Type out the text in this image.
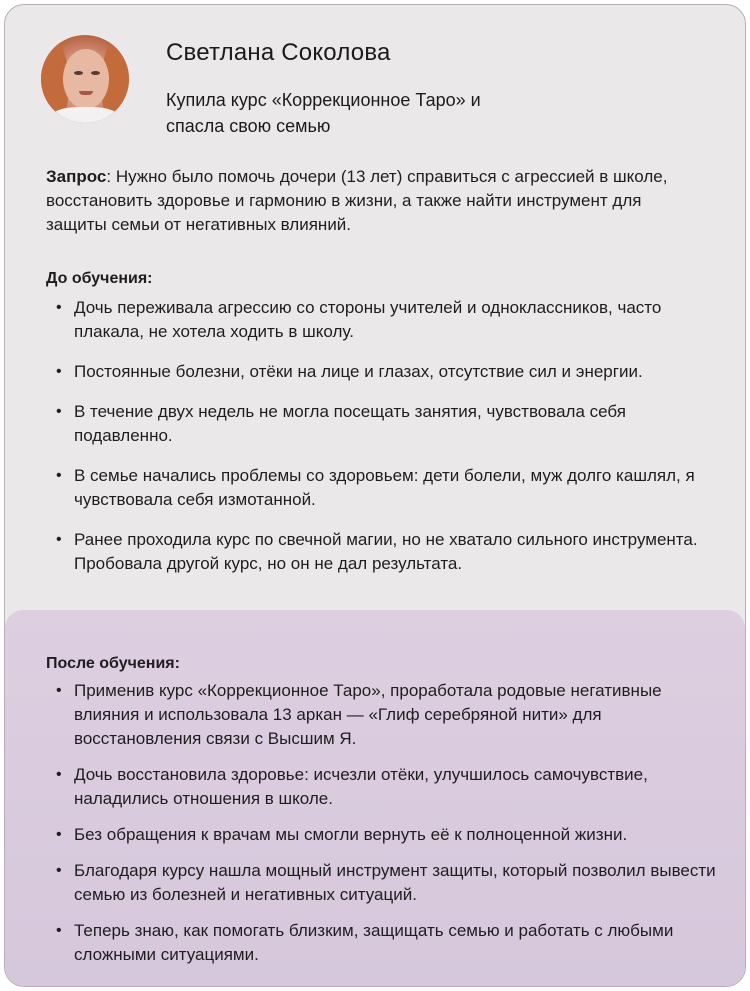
Светлана Соколова
Купила курс «Коррекционное Таро» и спасла свою семью

Запрос: Нужно было помочь дочери (13 лет) справиться с агрессией в школе, восстановить здоровье и гармонию в жизни, а также найти инструмент для защиты семьи от негативных влияний.

До обучения:
• Дочь переживала агрессию со стороны учителей и одноклассников, часто плакала, не хотела ходить в школу.
• Постоянные болезни, отёки на лице и глазах, отсутствие сил и энергии.
• В течение двух недель не могла посещать занятия, чувствовала себя подавленно.
• В семье начались проблемы со здоровьем: дети болели, муж долго кашлял, я чувствовала себя измотанной.
• Ранее проходила курс по свечной магии, но не хватало сильного инструмента. Пробовала другой курс, но он не дал результата.
После обучения:
• Применив курс «Коррекционное Таро», проработала родовые негативные влияния и использовала 13 аркан — «Глиф серебряной нити» для восстановления связи с Высшим Я.
• Дочь восстановила здоровье: исчезли отёки, улучшилось самочувствие, наладились отношения в школе.
• Без обращения к врачам мы смогли вернуть её к полноценной жизни.
• Благодаря курсу нашла мощный инструмент защиты, который позволил вывести семью из болезней и негативных ситуаций.
• Теперь знаю, как помогать близким, защищать семью и работать с любыми сложными ситуациями.
